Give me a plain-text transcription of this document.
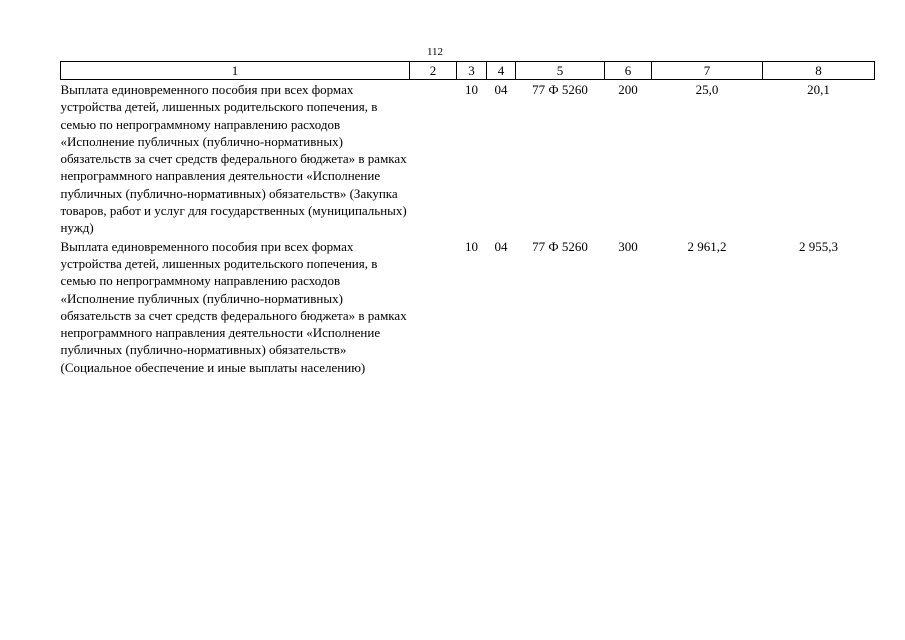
112
1	2	3	4	5	6	7	8
Выплата единовременного пособия при всех формах устройства детей, лишенных родительского попечения, в семью по непрограммному направлению расходов «Исполнение публичных (публично-нормативных) обязательств за счет средств федерального бюджета» в рамках непрограммного направления деятельности «Исполнение публичных (публично-нормативных) обязательств» (Закупка товаров, работ и услуг для государственных (муниципальных) нужд)		10	04	77 Ф 5260	200	25,0	20,1
Выплата единовременного пособия при всех формах устройства детей, лишенных родительского попечения, в семью по непрограммному направлению расходов «Исполнение публичных (публично-нормативных) обязательств за счет средств федерального бюджета» в рамках непрограммного направления деятельности «Исполнение публичных (публично-нормативных) обязательств» (Социальное обеспечение и иные выплаты населению)		10	04	77 Ф 5260	300	2 961,2	2 955,3
